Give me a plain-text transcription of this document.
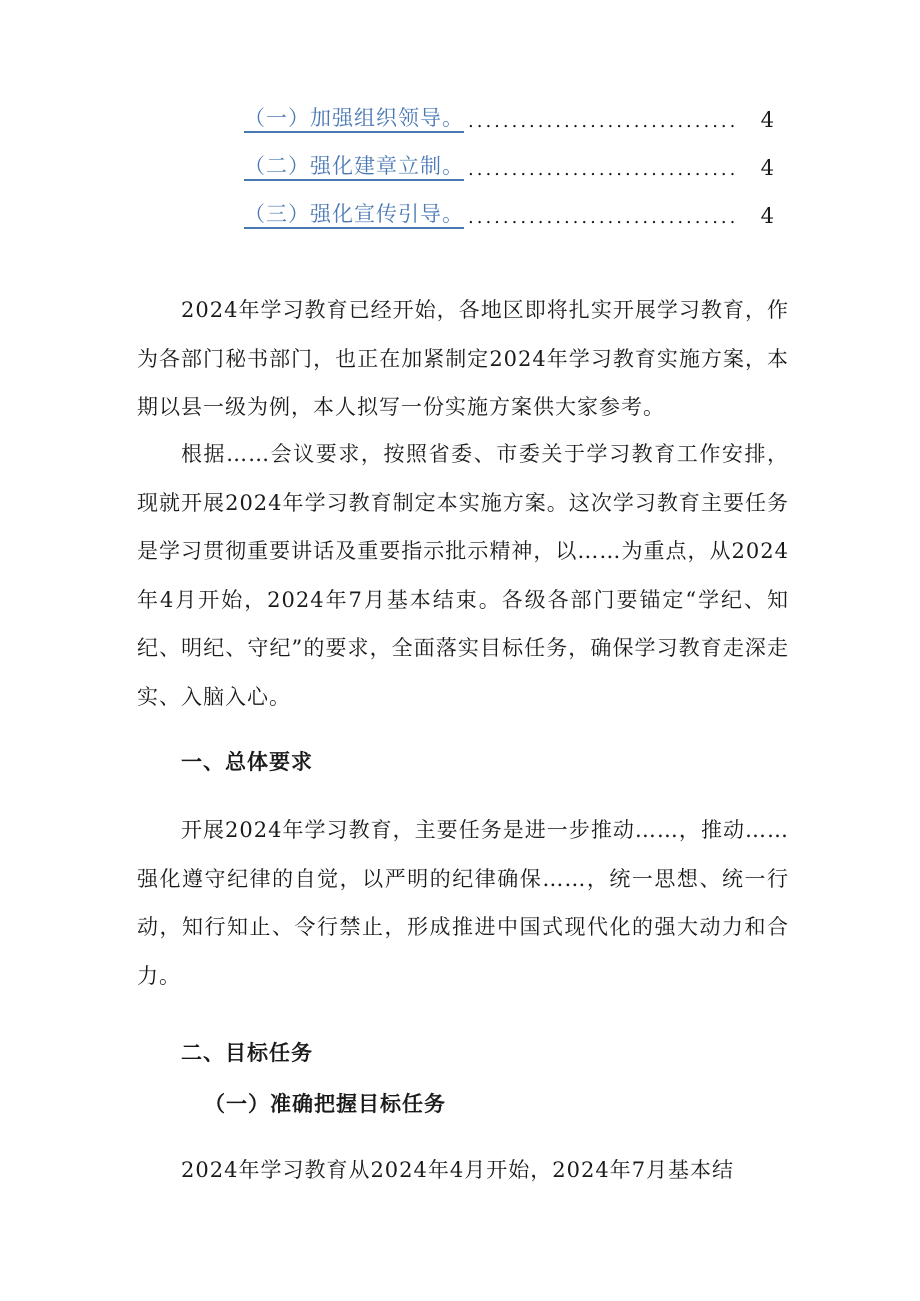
（一）加强组织领导。 ...............................	4
（二）强化建章立制。 ...............................	4
（三）强化宣传引导。 ...............................	4

2024年学习教育已经开始，各地区即将扎实开展学习教育，作为各部门秘书部门，也正在加紧制定2024年学习教育实施方案，本期以县一级为例，本人拟写一份实施方案供大家参考。

根据……会议要求，按照省委、市委关于学习教育工作安排，现就开展2024年学习教育制定本实施方案。这次学习教育主要任务是学习贯彻重要讲话及重要指示批示精神，以……为重点，从2024年4月开始，2024年7月基本结束。各级各部门要锚定“学纪、知纪、明纪、守纪”的要求，全面落实目标任务，确保学习教育走深走实、入脑入心。

一、总体要求

开展2024年学习教育，主要任务是进一步推动……，推动……强化遵守纪律的自觉，以严明的纪律确保……，统一思想、统一行动，知行知止、令行禁止，形成推进中国式现代化的强大动力和合力。

二、目标任务
（一）准确把握目标任务

2024年学习教育从2024年4月开始，2024年7月基本结
